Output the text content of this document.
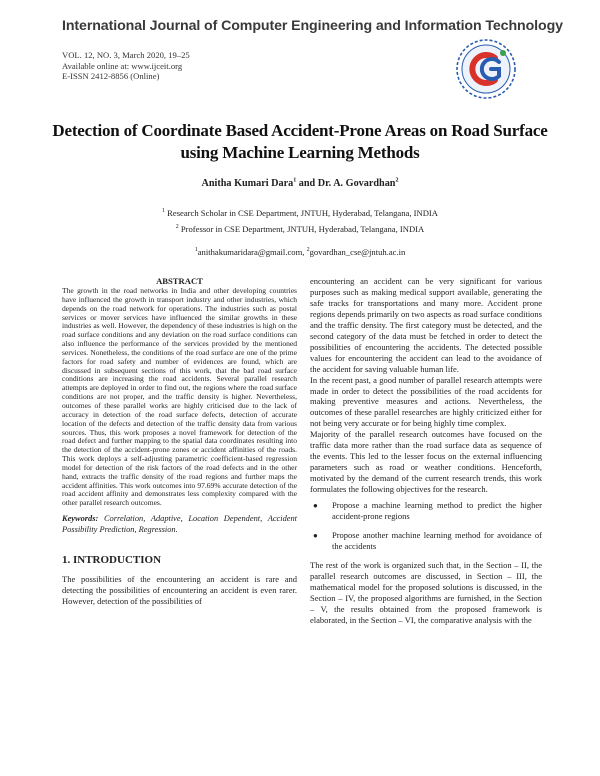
International Journal of Computer Engineering and Information Technology
VOL. 12, NO. 3, March 2020, 19–25
Available online at: www.ijceit.org
E-ISSN 2412-8856 (Online)
Detection of Coordinate Based Accident-Prone Areas on Road Surface
using Machine Learning Methods
Anitha Kumari Dara$^1$ and Dr. A. Govardhan$^2$
$^1$ Research Scholar in CSE Department, JNTUH, Hyderabad, Telangana, INDIA
$^2$ Professor in CSE Department, JNTUH, Hyderabad, Telangana, INDIA
$^1$anithakumaridara@gmail.com, $^2$govardhan_cse@jntuh.ac.in
ABSTRACT
The growth in the road networks in India and other developing countries have influenced the growth in transport industry and other industries, which depends on the road network for operations. The industries such as postal services or mover services have influenced the similar growths in these industries as well. However, the dependency of these industries is high on the road surface conditions and any deviation on the road surface conditions can also influence the performance of the services provided by the mentioned services. Nonetheless, the conditions of the road surface are one of the prime factors for road safety and number of evidences are found, which are discussed in subsequent sections of this work, that the bad road surface conditions are increasing the road accidents. Several parallel research attempts are deployed in order to find out, the regions where the road surface conditions are not proper, and the traffic density is higher. Nevertheless, outcomes of these parallel works are highly criticised due to the lack of accuracy in detection of the road surface defects, detection of accurate location of the defects and detection of the traffic density data from various sources. Thus, this work proposes a novel framework for detection of the road defect and further mapping to the spatial data coordinates resulting into the detection of the accident-prone zones or accident affinities of the roads. This work deploys a self-adjusting parametric coefficient-based regression model for detection of the risk factors of the road defects and in the other hand, extracts the traffic density of the road regions and further maps the accident affinities. This work outcomes into 97.69% accurate detection of the road accident affinity and demonstrates less complexity compared with the other parallel research outcomes.
Keywords: Correlation, Adaptive, Location Dependent, Accident Possibility Prediction, Regression.
1. INTRODUCTION
The possibilities of the encountering an accident is rare and detecting the possibilities of encountering an accident is even rarer. However, detection of the possibilities of

encountering an accident can be very significant for various purposes such as making medical support available, generating the safe tracks for transportations and many more. Accident prone regions depends primarily on two aspects as road surface conditions and the traffic density. The first category must be detected, and the second category of the data must be fetched in order to detect the possibilities of encountering the accidents. The detected possible values for encountering the accident can lead to the avoidance of the accident for saving valuable human life.

In the recent past, a good number of parallel research attempts were made in order to detect the possibilities of the road accidents for making preventive measures and actions. Nevertheless, the outcomes of these parallel researches are highly criticized either for not being very accurate or for being highly time complex.

Majority of the parallel research outcomes have focused on the traffic data more rather than the road surface data as sequence of the events. This led to the lesser focus on the external influencing parameters such as road or weather conditions. Henceforth, motivated by the demand of the current research trends, this work formulates the following objectives for the research.

● Propose a machine learning method to predict the higher accident-prone regions
● Propose another machine learning method for avoidance of the accidents

The rest of the work is organized such that, in the Section – II, the parallel research outcomes are discussed, in Section – III, the mathematical model for the proposed solutions is discussed, in the Section – IV, the proposed algorithms are furnished, in the Section – V, the results obtained from the proposed framework is elaborated, in the Section – VI, the comparative analysis with the
